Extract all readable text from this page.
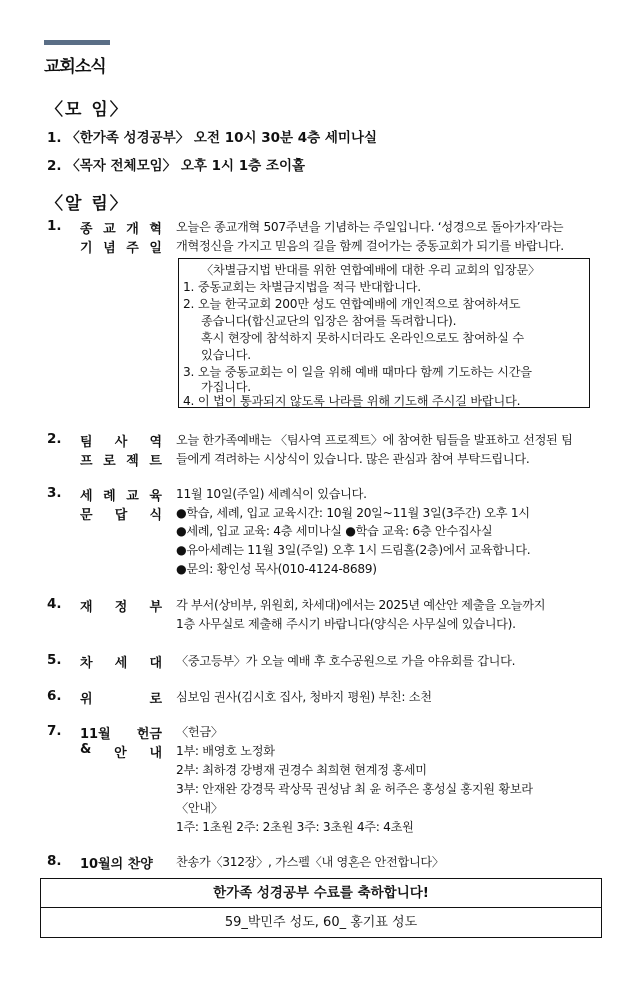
교회소식
〈모 임〉
1. 〈한가족 성경공부〉 오전 10시 30분 4층 세미나실
2. 〈목자 전체모임〉 오후 1시 1층 조이홀
〈알 림〉
1. 종 교 개 혁
기 념 주 일
오늘은 종교개혁 507주년을 기념하는 주일입니다. ‘성경으로 돌아가자’라는
개혁정신을 가지고 믿음의 길을 함께 걸어가는 중동교회가 되기를 바랍니다.
〈차별금지법 반대를 위한 연합예배에 대한 우리 교회의 입장문〉
1. 중동교회는 차별금지법을 적극 반대합니다.
2. 오늘 한국교회 200만 성도 연합예배에 개인적으로 참여하셔도
종습니다(합신교단의 입장은 참여를 독려합니다).
혹시 현장에 참석하지 못하시더라도 온라인으로도 참여하실 수
있습니다.
3. 오늘 중동교회는 이 일을 위해 예배 때마다 함께 기도하는 시간을
가집니다.
4. 이 법이 통과되지 않도록 나라를 위해 기도해 주시길 바랍니다.
2. 팀 사 역
프 로 젝 트
오늘 한가족예배는 〈팀사역 프로젝트〉에 참여한 팀들을 발표하고 선정된 팀
들에게 격려하는 시상식이 있습니다. 많은 관심과 참여 부탁드립니다.
3. 세 례 교 육
문 답 식
11월 10일(주일) 세례식이 있습니다.
●학습, 세례, 입교 교육시간: 10월 20일~11월 3일(3주간) 오후 1시
●세례, 입교 교육: 4층 세미나실 ●학습 교육: 6층 안수집사실
●유아세례는 11월 3일(주일) 오후 1시 드림홀(2층)에서 교육합니다.
●문의: 황인성 목사(010-4124-8689)
4. 재 정 부 각 부서(상비부, 위원회, 차세대)에서는 2025년 예산안 제출을 오늘까지
1층 사무실로 제출해 주시기 바랍니다(양식은 사무실에 있습니다).
5. 차 세 대 〈중고등부〉가 오늘 예배 후 호수공원으로 가을 야유회를 갑니다.
6. 위	로 심보임 권사(김시호 집사, 청바지 평원) 부친: 소천
7. 11월 헌금
& 안 내
〈헌금〉
1부: 배영호 노정화
2부: 최하경 강병재 권경수 최희현 현계정 홍세미
3부: 안재완 강경묵 곽상묵 권성남 최 윤 허주은 홍성실 홍지원 황보라
〈안내〉
1주: 1초원 2주: 2초원 3주: 3초원 4주: 4초원
8. 10월의 찬양	찬송가〈312장〉, 가스펠〈내 영혼은 안전합니다〉
한가족 성경공부 수료를 축하합니다!
59_박민주 성도, 60_ 홍기표 성도
